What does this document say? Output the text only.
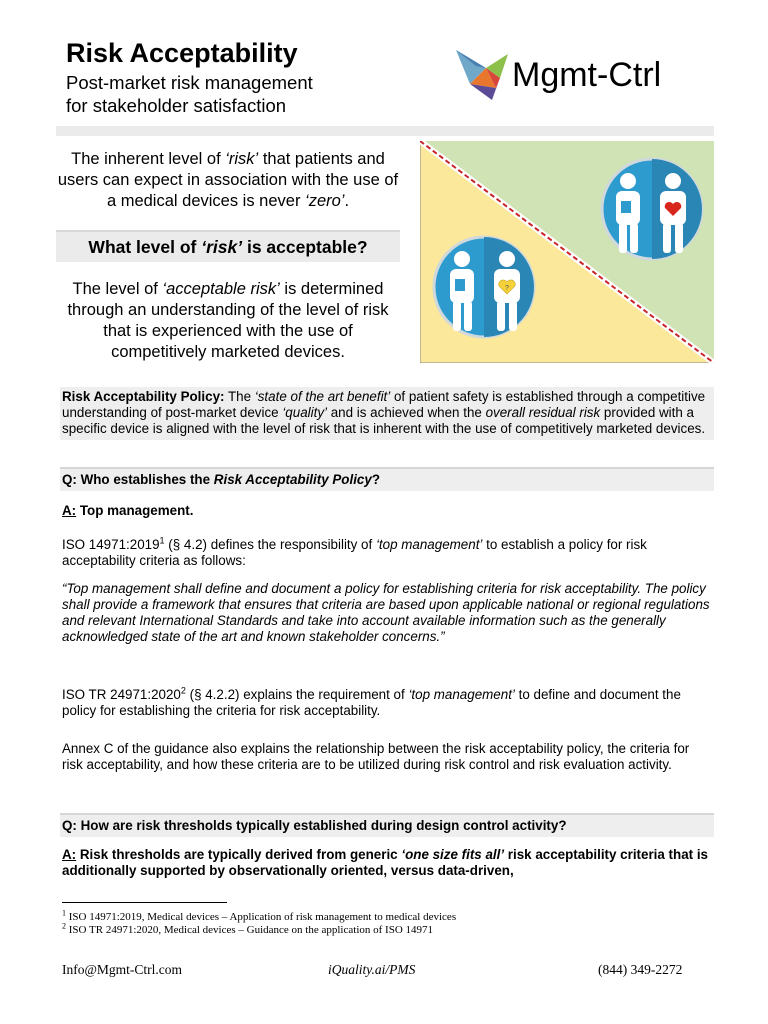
Risk Acceptability
Post-market risk management
for stakeholder satisfaction
Mgmt-Ctrl
The inherent level of ‘risk’ that patients and users can expect in association with the use of a medical devices is never ‘zero’.
What level of ‘risk’ is acceptable?
The level of ‘acceptable risk’ is determined through an understanding of the level of risk that is experienced with the use of competitively marketed devices.
?
Risk Acceptability Policy: The ‘state of the art benefit’ of patient safety is established through a competitive understanding of post-market device ‘quality’ and is achieved when the overall residual risk provided with a specific device is aligned with the level of risk that is inherent with the use of competitively marketed devices.
Q: Who establishes the Risk Acceptability Policy?
A: Top management.
ISO 14971:2019$^1$ (§ 4.2) defines the responsibility of ‘top management’ to establish a policy for risk acceptability criteria as follows:
“Top management shall define and document a policy for establishing criteria for risk acceptability. The policy shall provide a framework that ensures that criteria are based upon applicable national or regional regulations and relevant International Standards and take into account available information such as the generally acknowledged state of the art and known stakeholder concerns.”
ISO TR 24971:2020$^2$ (§ 4.2.2) explains the requirement of ‘top management’ to define and document the policy for establishing the criteria for risk acceptability.
Annex C of the guidance also explains the relationship between the risk acceptability policy, the criteria for risk acceptability, and how these criteria are to be utilized during risk control and risk evaluation activity.
Q: How are risk thresholds typically established during design control activity?
A: Risk thresholds are typically derived from generic ‘one size fits all’ risk acceptability criteria that is additionally supported by observationally oriented, versus data-driven,
$^1$ ISO 14971:2019, Medical devices – Application of risk management to medical devices
$^2$ ISO TR 24971:2020, Medical devices – Guidance on the application of ISO 14971
Info@Mgmt-Ctrl.com	iQuality.ai/PMS	(844) 349-2272
